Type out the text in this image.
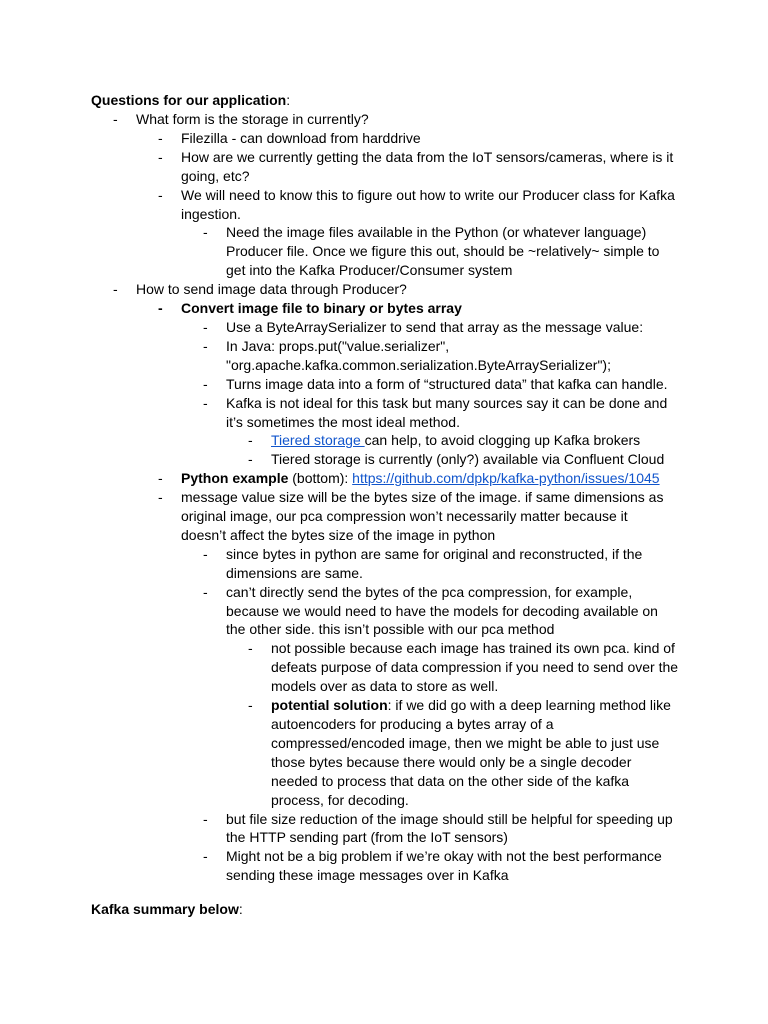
Questions for our application:

- What form is the storage in currently?
- Filezilla - can download from harddrive
- How are we currently getting the data from the IoT sensors/cameras, where is it going, etc?
- We will need to know this to figure out how to write our Producer class for Kafka ingestion.
- Need the image files available in the Python (or whatever language) Producer file. Once we figure this out, should be ~relatively~ simple to get into the Kafka Producer/Consumer system
- How to send image data through Producer?
- Convert image file to binary or bytes array
- Use a ByteArraySerializer to send that array as the message value:
- In Java: props.put("value.serializer", "org.apache.kafka.common.serialization.ByteArraySerializer");
- Turns image data into a form of “structured data” that kafka can handle.
- Kafka is not ideal for this task but many sources say it can be done and it’s sometimes the most ideal method.
- Tiered storage can help, to avoid clogging up Kafka brokers
- Tiered storage is currently (only?) available via Confluent Cloud
- Python example (bottom): https://github.com/dpkp/kafka-python/issues/1045
- message value size will be the bytes size of the image. if same dimensions as original image, our pca compression won’t necessarily matter because it doesn’t affect the bytes size of the image in python
- since bytes in python are same for original and reconstructed, if the dimensions are same.
- can’t directly send the bytes of the pca compression, for example, because we would need to have the models for decoding available on the other side. this isn’t possible with our pca method
- not possible because each image has trained its own pca. kind of defeats purpose of data compression if you need to send over the models over as data to store as well.
- potential solution: if we did go with a deep learning method like autoencoders for producing a bytes array of a compressed/encoded image, then we might be able to just use those bytes because there would only be a single decoder needed to process that data on the other side of the kafka process, for decoding.
- but file size reduction of the image should still be helpful for speeding up the HTTP sending part (from the IoT sensors)
- Might not be a big problem if we’re okay with not the best performance sending these image messages over in Kafka

Kafka summary below:
